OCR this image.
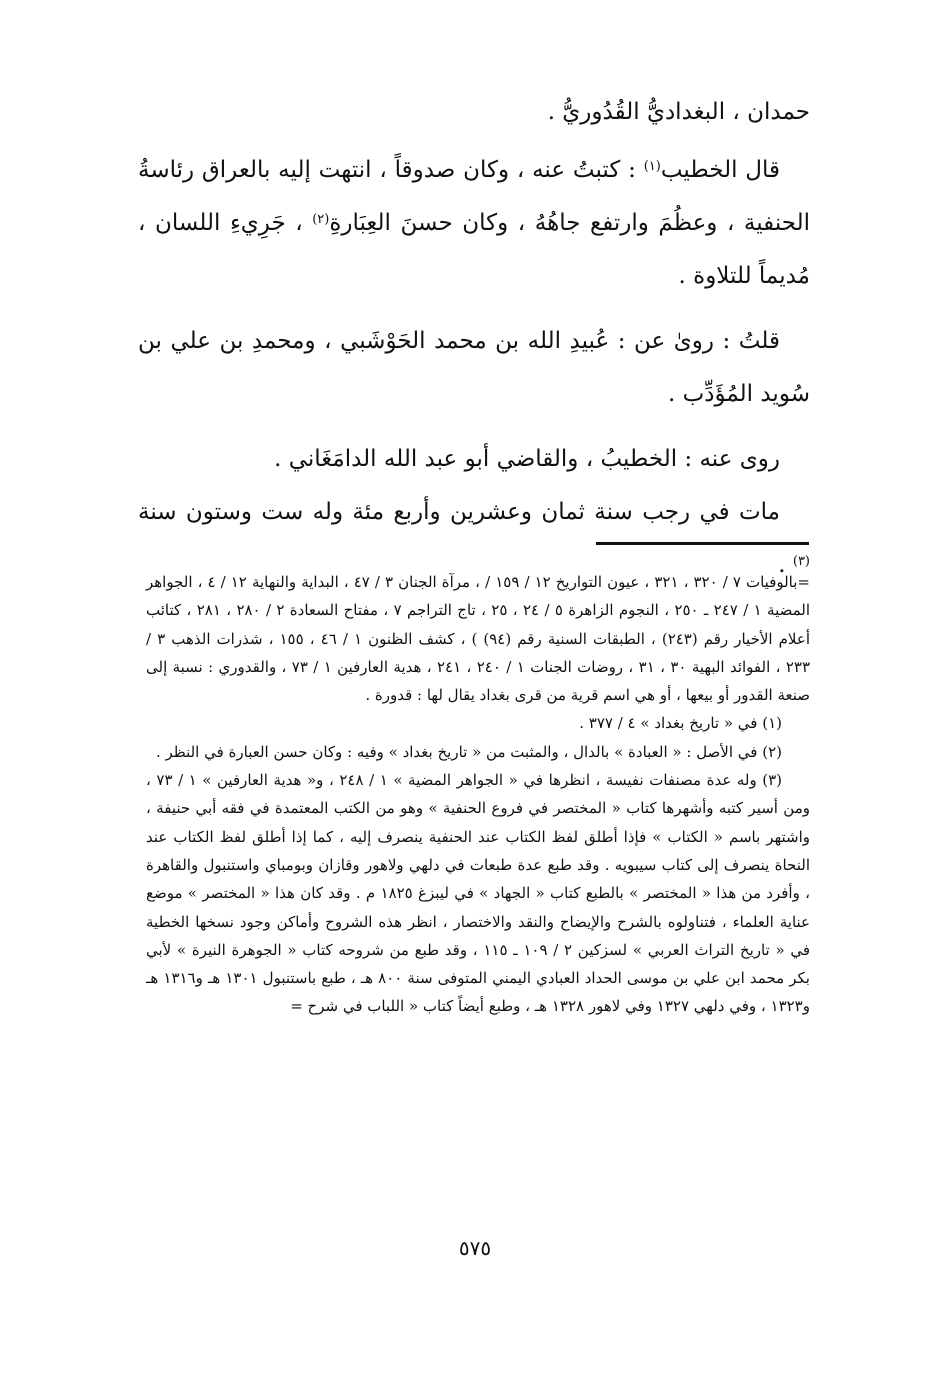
حمدان ، البغداديُّ القُدُوريُّ .

قال الخطيب$^{(١)}$ : كتبتُ عنه ، وكان صدوقاً ، انتهت إليه بالعراق رئاسةُ الحنفية ، وعظُمَ وارتفع جاهُهُ ، وكان حسنَ العِبَارةِ$^{(٢)}$ ، جَرِيءِ اللسان ، مُديماً للتلاوة .

قلتُ : روىٰ عن : عُبيدِ الله بن محمد الحَوْشَبي ، ومحمدِ بن علي بن سُويد المُؤَدِّب .

روى عنه : الخطيبُ ، والقاضي أبو عبد الله الدامَغَاني .

مات في رجب سنة ثمان وعشرين وأربع مئة وله ست وستون سنة $^{(٣)}$ .

=بالوفيات ٧ / ٣٢٠ ، ٣٢١ ، عيون التواريخ ١٢ / ١٥٩ / ، مرآة الجنان ٣ / ٤٧ ، البداية والنهاية ١٢ / ٤ ، الجواهر المضية ١ / ٢٤٧ ـ ٢٥٠ ، النجوم الزاهرة ٥ / ٢٤ ، ٢٥ ، تاج التراجم ٧ ، مفتاح السعادة ٢ / ٢٨٠ ، ٢٨١ ، كتائب أعلام الأخيار رقم (٢٤٣) ، الطبقات السنية رقم (٩٤) ) ، كشف الظنون ١ / ٤٦ ، ١٥٥ ، شذرات الذهب ٣ / ٢٣٣ ، الفوائد البهية ٣٠ ، ٣١ ، روضات الجنات ١ / ٢٤٠ ، ٢٤١ ، هدية العارفين ١ / ٧٣ ، والقدوري : نسبة إلى صنعة القدور أو بيعها ، أو هي اسم قرية من قرى بغداد يقال لها : قدورة .

(١) في « تاريخ بغداد » ٤ / ٣٧٧ .

(٢) في الأصل : « العبادة » بالدال ، والمثبت من « تاريخ بغداد » وفيه : وكان حسن العبارة في النظر .

(٣) وله عدة مصنفات نفيسة ، انظرها في « الجواهر المضية » ١ / ٢٤٨ ، و« هدية العارفين » ١ / ٧٣ ، ومن أسير كتبه وأشهرها كتاب « المختصر في فروع الحنفية » وهو من الكتب المعتمدة في فقه أبي حنيفة ، واشتهر باسم « الكتاب » فإذا أطلق لفظ الكتاب عند الحنفية ينصرف إليه ، كما إذا أطلق لفظ الكتاب عند النحاة ينصرف إلى كتاب سيبويه . وقد طبع عدة طبعات في دلهي ولاهور وقازان وبومباي واستنبول والقاهرة ، وأفرد من هذا « المختصر » بالطبع كتاب « الجهاد » في ليبزغ ١٨٢٥ م . وقد كان هذا « المختصر » موضع عناية العلماء ، فتناولوه بالشرح والإيضاح والنقد والاختصار ، انظر هذه الشروح وأماكن وجود نسخها الخطية في « تاريخ التراث العربي » لسزكين ٢ / ١٠٩ ـ ١١٥ ، وقد طبع من شروحه كتاب « الجوهرة النيرة » لأبي بكر محمد ابن علي بن موسى الحداد العبادي اليمني المتوفى سنة ٨٠٠ هـ ، طبع باستنبول ١٣٠١ هـ و١٣١٦ هـ و١٣٢٣ ، وفي دلهي ١٣٢٧ وفي لاهور ١٣٢٨ هـ ، وطبع أيضاً كتاب « اللباب في شرح =

٥٧٥
